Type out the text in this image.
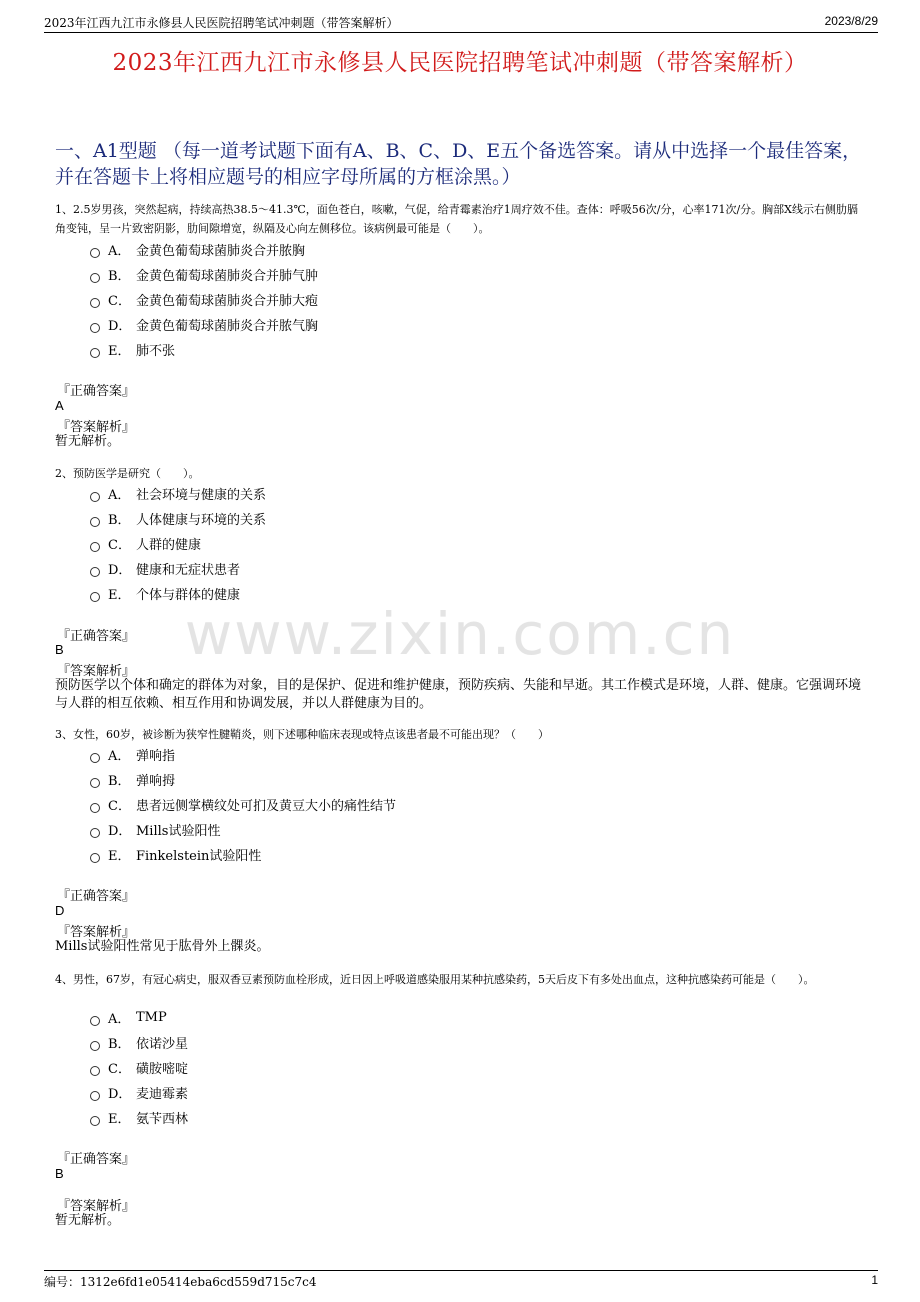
2023年江西九江市永修县人民医院招聘笔试冲刺题（带答案解析）	2023/8/29
2023年江西九江市永修县人民医院招聘笔试冲刺题（带答案解析）
一、A1型题 （每一道考试题下面有A、B、C、D、E五个备选答案。请从中选择一个最佳答案，并在答题卡上将相应题号的相应字母所属的方框涂黑。）
www.zixin.com.cn
1、2.5岁男孩，突然起病，持续高热38.5～41.3℃，面色苍白，咳嗽，气促，给青霉素治疗1周疗效不佳。查体：呼吸56次/分，心率171次/分。胸部X线示右侧肋膈角变钝，呈一片致密阴影，肋间隙增宽，纵隔及心向左侧移位。该病例最可能是（　　）。
A． 金黄色葡萄球菌肺炎合并脓胸
B． 金黄色葡萄球菌肺炎合并肺气肿
C． 金黄色葡萄球菌肺炎合并肺大疱
D． 金黄色葡萄球菌肺炎合并脓气胸
E． 肺不张
『正确答案』
A
『答案解析』
暂无解析。
2、预防医学是研究（　　）。
A． 社会环境与健康的关系
B． 人体健康与环境的关系
C． 人群的健康
D． 健康和无症状患者
E． 个体与群体的健康
『正确答案』
B
『答案解析』
预防医学以个体和确定的群体为对象，目的是保护、促进和维护健康，预防疾病、失能和早逝。其工作模式是环境，人群、健康。它强调环境与人群的相互依赖、相互作用和协调发展，并以人群健康为目的。
3、女性，60岁，被诊断为狭窄性腱鞘炎，则下述哪种临床表现或特点该患者最不可能出现？（　　）
A． 弹响指
B． 弹响拇
C． 患者远侧掌横纹处可扪及黄豆大小的痛性结节
D． Mills试验阳性
E． Finkelstein试验阳性
『正确答案』
D
『答案解析』
Mills试验阳性常见于肱骨外上髁炎。
4、男性，67岁，有冠心病史，服双香豆素预防血栓形成，近日因上呼吸道感染服用某种抗感染药，5天后皮下有多处出血点，这种抗感染药可能是（　　）。
A． TMP
B． 依诺沙星
C． 磺胺嘧啶
D． 麦迪霉素
E． 氨苄西林
『正确答案』
B
『答案解析』
暂无解析。
编号：1312e6fd1e05414eba6cd559d715c7c4	1
